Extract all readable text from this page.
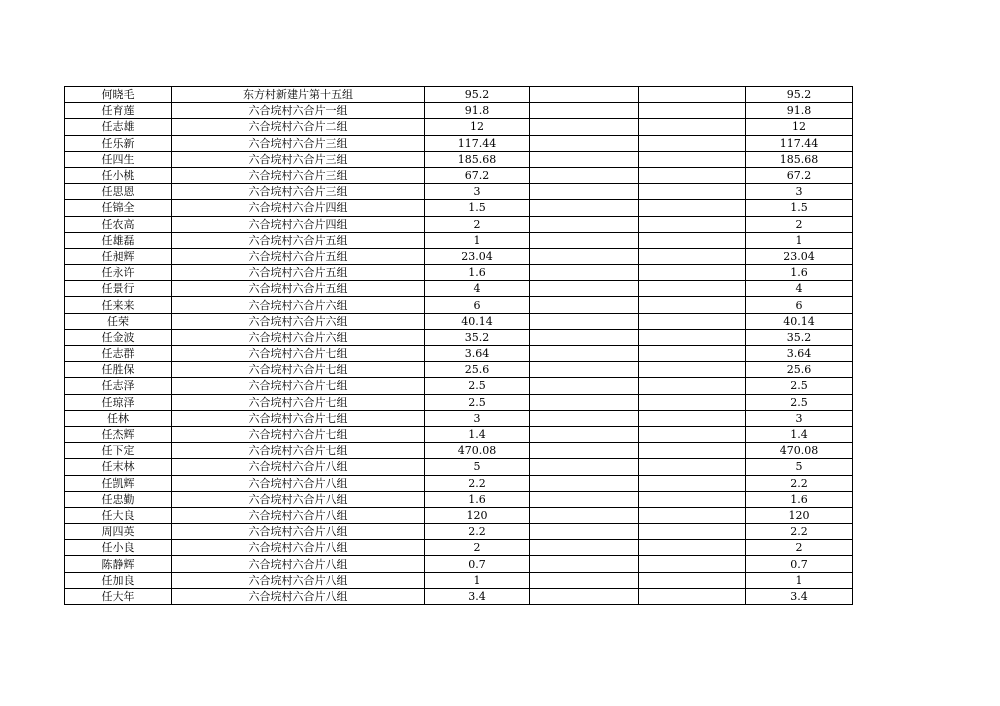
何晓毛	东方村新建片第十五组	95.2			95.2
任育莲	六合垸村六合片一组	91.8			91.8
任志雄	六合垸村六合片二组	12			12
任乐新	六合垸村六合片三组	117.44			117.44
任四生	六合垸村六合片三组	185.68			185.68
任小桃	六合垸村六合片三组	67.2			67.2
任思恩	六合垸村六合片三组	3			3
任锦全	六合垸村六合片四组	1.5			1.5
任农高	六合垸村六合片四组	2			2
任雄磊	六合垸村六合片五组	1			1
任昶辉	六合垸村六合片五组	23.04			23.04
任永许	六合垸村六合片五组	1.6			1.6
任景行	六合垸村六合片五组	4			4
任来来	六合垸村六合片六组	6			6
任荣	六合垸村六合片六组	40.14			40.14
任金波	六合垸村六合片六组	35.2			35.2
任志群	六合垸村六合片七组	3.64			3.64
任胜保	六合垸村六合片七组	25.6			25.6
任志泽	六合垸村六合片七组	2.5			2.5
任琼泽	六合垸村六合片七组	2.5			2.5
任林	六合垸村六合片七组	3			3
任杰辉	六合垸村六合片七组	1.4			1.4
任下定	六合垸村六合片七组	470.08			470.08
任末林	六合垸村六合片八组	5			5
任凯辉	六合垸村六合片八组	2.2			2.2
任忠勤	六合垸村六合片八组	1.6			1.6
任大良	六合垸村六合片八组	120			120
周四英	六合垸村六合片八组	2.2			2.2
任小良	六合垸村六合片八组	2			2
陈静辉	六合垸村六合片八组	0.7			0.7
任加良	六合垸村六合片八组	1			1
任大年	六合垸村六合片八组	3.4			3.4
